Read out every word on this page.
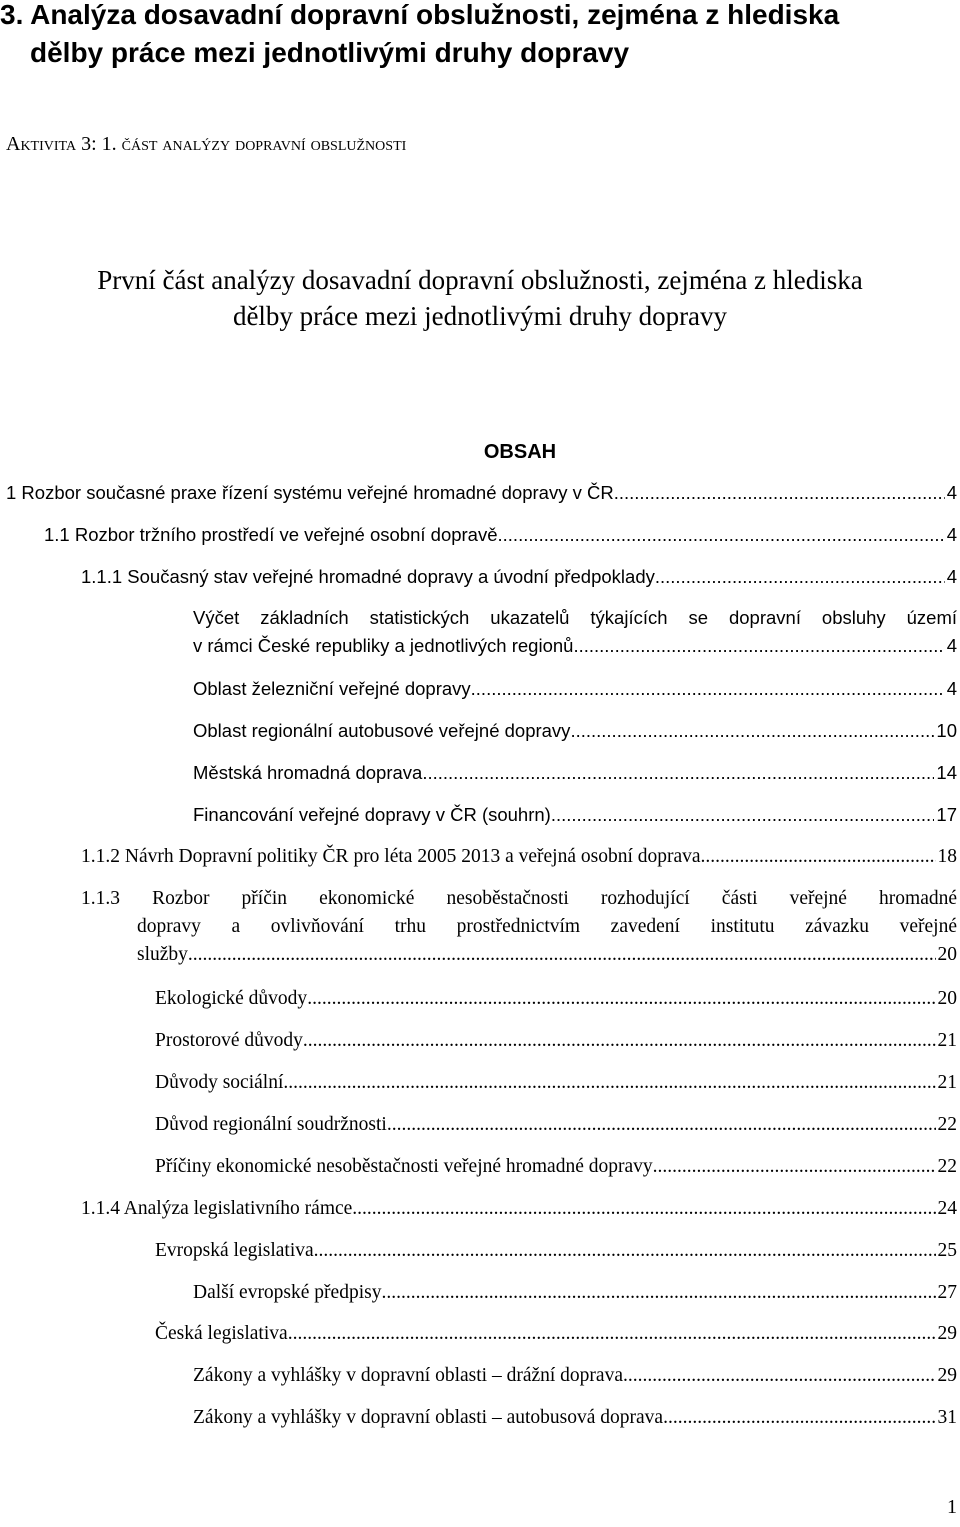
3. Analýza dosavadní dopravní obslužnosti, zejména z hlediska
dělby práce mezi jednotlivými druhy dopravy
Aktivita 3: 1. část analýzy dopravní obslužnosti
První část analýzy dosavadní dopravní obslužnosti, zejména z hlediska
dělby práce mezi jednotlivými druhy dopravy
OBSAH
1 Rozbor současné praxe řízení systému veřejné hromadné dopravy v ČR .....	4
1.1 Rozbor tržního prostředí ve veřejné osobní dopravě .....	4
1.1.1 Současný stav veřejné hromadné dopravy a úvodní předpoklady .....	4
Výčet základních statistických ukazatelů týkajících se dopravní obsluhy území
v rámci České republiky a jednotlivých regionů .....	4
Oblast železniční veřejné dopravy .....	4
Oblast regionální autobusové veřejné dopravy .....	10
Městská hromadná doprava .....	14
Financování veřejné dopravy v ČR (souhrn) .....	17
1.1.2 Návrh Dopravní politiky ČR pro léta 2005 2013 a veřejná osobní doprava .....	18
1.1.3 Rozbor příčin ekonomické nesoběstačnosti rozhodující části veřejné hromadné
dopravy a ovlivňování trhu prostřednictvím zavedení institutu závazku veřejné
služby .....	20
Ekologické důvody .....	20
Prostorové důvody .....	21
Důvody sociální .....	21
Důvod regionální soudržnosti .....	22
Příčiny ekonomické nesoběstačnosti veřejné hromadné dopravy .....	22
1.1.4 Analýza legislativního rámce .....	24
Evropská legislativa .....	25
Další evropské předpisy .....	27
Česká legislativa .....	29
Zákony a vyhlášky v dopravní oblasti – drážní doprava .....	29
Zákony a vyhlášky v dopravní oblasti – autobusová doprava .....	31
1
